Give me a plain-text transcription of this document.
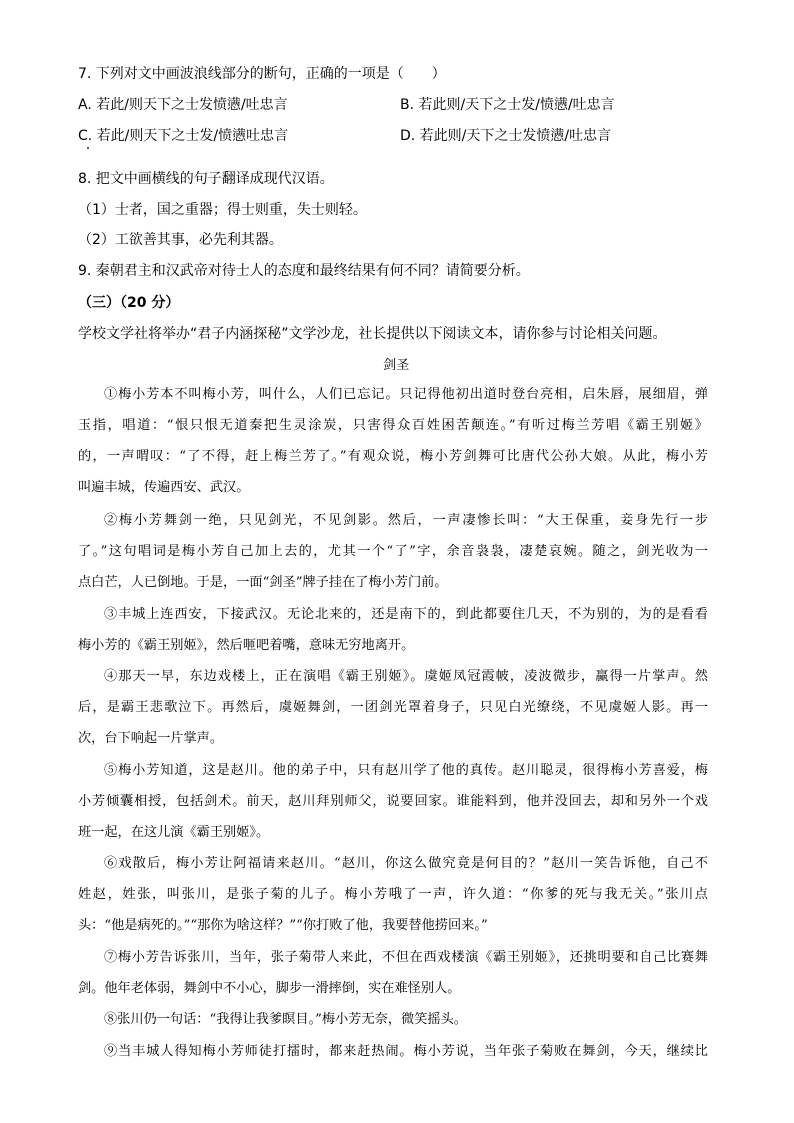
7. 下列对文中画波浪线部分的断句，正确的一项是（　　）
A. 若此/则天下之士发愤懑/吐忠言	B. 若此则/天下之士发/愤懑/吐忠言
C. 若此/则天下之士发/愤懑吐忠言	D. 若此则/天下之士发愤懑/吐忠言
8. 把文中画横线的句子翻译成现代汉语。
（1）士者，国之重器；得士则重，失士则轻。
（2）工欲善其事，必先利其器。
9. 秦朝君主和汉武帝对待士人的态度和最终结果有何不同？请简要分析。
（三）（20 分）
学校文学社将举办“君子内涵探秘”文学沙龙，社长提供以下阅读文本，请你参与讨论相关问题。
剑圣
①梅小芳本不叫梅小芳，叫什么，人们已忘记。只记得他初出道时登台亮相，启朱唇，展细眉，弹
玉指，唱道：“恨只恨无道秦把生灵涂炭，只害得众百姓困苦颠连。”有听过梅兰芳唱《霸王别姬》
的，一声喟叹：“了不得，赶上梅兰芳了。”有观众说，梅小芳剑舞可比唐代公孙大娘。从此，梅小芳
叫遍丰城，传遍西安、武汉。
②梅小芳舞剑一绝，只见剑光，不见剑影。然后，一声凄惨长叫：“大王保重，妾身先行一步
了。”这句唱词是梅小芳自己加上去的，尤其一个“了”字，余音袅袅，凄楚哀婉。随之，剑光收为一
点白芒，人已倒地。于是，一面“剑圣”牌子挂在了梅小芳门前。
③丰城上连西安，下接武汉。无论北来的，还是南下的，到此都要住几天，不为别的，为的是看看
梅小芳的《霸王别姬》，然后咂吧着嘴，意味无穷地离开。
④那天一早，东边戏楼上，正在演唱《霸王别姬》。虞姬凤冠霞帔，凌波微步，赢得一片掌声。然
后，是霸王悲歌泣下。再然后，虞姬舞剑，一团剑光罩着身子，只见白光缭绕，不见虞姬人影。再一
次，台下响起一片掌声。
⑤梅小芳知道，这是赵川。他的弟子中，只有赵川学了他的真传。赵川聪灵，很得梅小芳喜爱，梅
小芳倾囊相授，包括剑术。前天，赵川拜别师父，说要回家。谁能料到，他并没回去，却和另外一个戏
班一起，在这儿演《霸王别姬》。
⑥戏散后，梅小芳让阿福请来赵川。“赵川，你这么做究竟是何目的？”赵川一笑告诉他，自己不
姓赵，姓张，叫张川，是张子菊的儿子。梅小芳哦了一声，许久道：“你爹的死与我无关。”张川点
头：“他是病死的。”“那你为啥这样？”“你打败了他，我要替他捞回来。”
⑦梅小芳告诉张川，当年，张子菊带人来此，不但在西戏楼演《霸王别姬》，还挑明要和自己比赛舞
剑。他年老体弱，舞剑中不小心，脚步一滑摔倒，实在难怪别人。
⑧张川仍一句话：“我得让我爹瞑目。”梅小芳无奈，微笑摇头。
⑨当丰城人得知梅小芳师徒打擂时，都来赶热闹。梅小芳说，当年张子菊败在舞剑，今天，继续比
